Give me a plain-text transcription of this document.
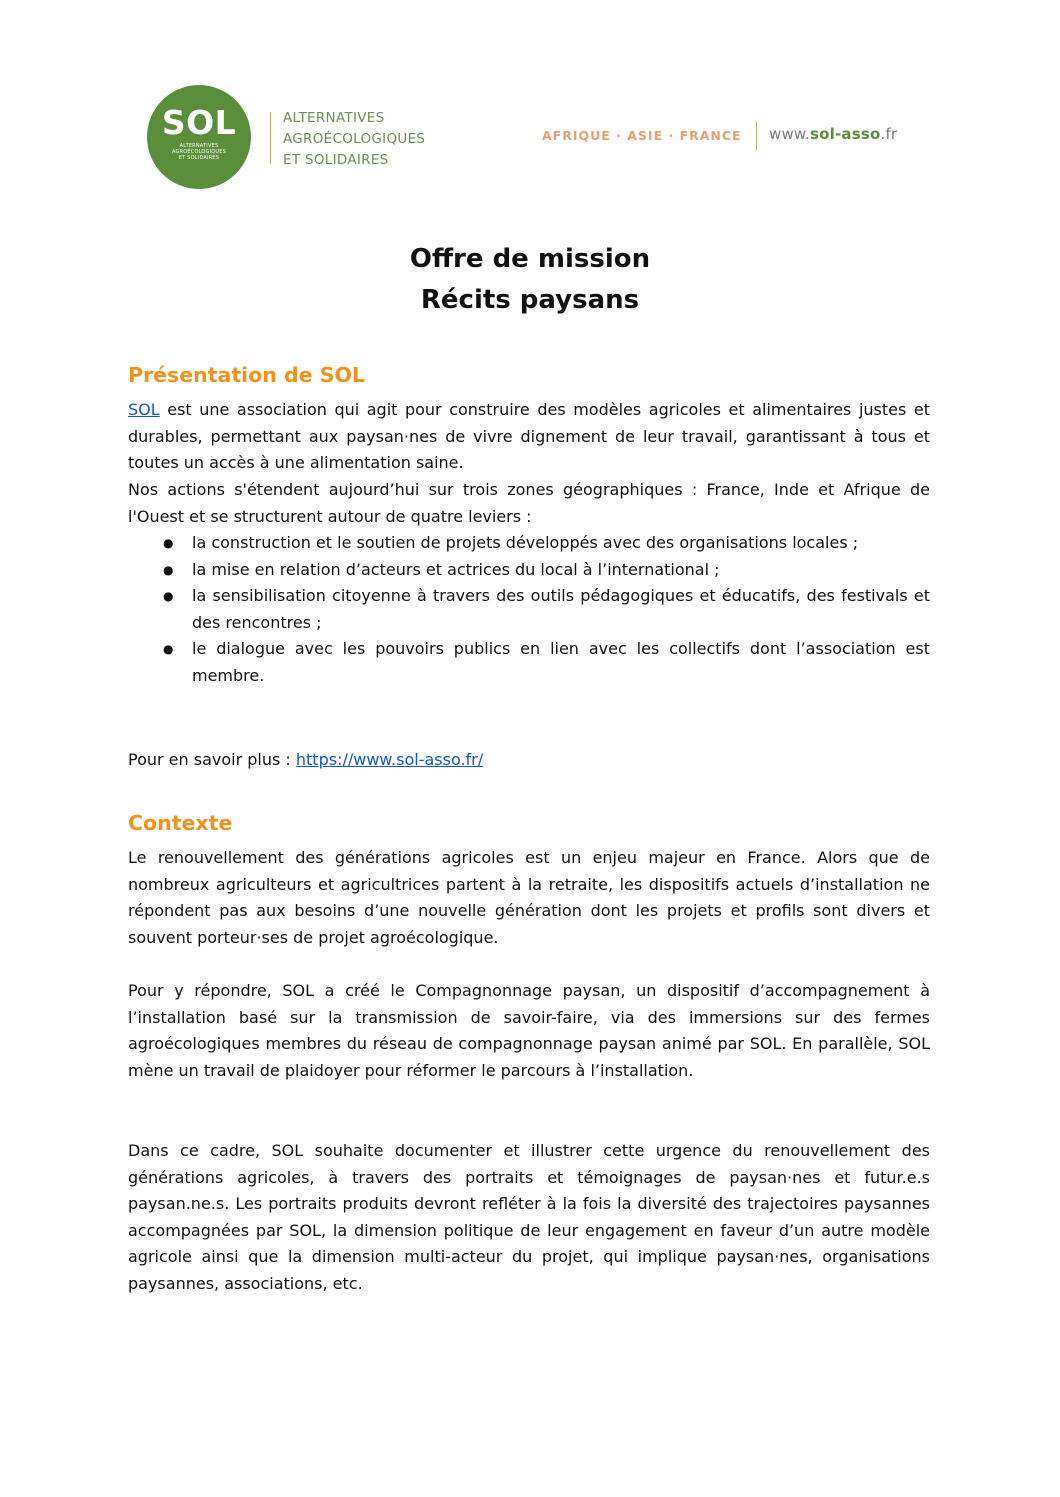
SOL
ALTERNATIVES
AGROÉCOLOGIQUES
ET SOLIDAIRES
ALTERNATIVES
AGROÉCOLOGIQUES
ET SOLIDAIRES
AFRIQUE · ASIE · FRANCE www.sol-asso.fr
Offre de mission
Récits paysans
Présentation de SOL
SOL est une association qui agit pour construire des modèles agricoles et alimentaires justes et durables, permettant aux paysan·nes de vivre dignement de leur travail, garantissant à tous et toutes un accès à une alimentation saine.
Nos actions s'étendent aujourd’hui sur trois zones géographiques : France, Inde et Afrique de l'Ouest et se structurent autour de quatre leviers :
● la construction et le soutien de projets développés avec des organisations locales ;
● la mise en relation d’acteurs et actrices du local à l’international ;
● la sensibilisation citoyenne à travers des outils pédagogiques et éducatifs, des festivals et des rencontres ;
● le dialogue avec les pouvoirs publics en lien avec les collectifs dont l’association est membre.
Pour en savoir plus : https://www.sol-asso.fr/
Contexte
Le renouvellement des générations agricoles est un enjeu majeur en France. Alors que de nombreux agriculteurs et agricultrices partent à la retraite, les dispositifs actuels d’installation ne répondent pas aux besoins d’une nouvelle génération dont les projets et profils sont divers et souvent porteur·ses de projet agroécologique.
Pour y répondre, SOL a créé le Compagnonnage paysan, un dispositif d’accompagnement à l’installation basé sur la transmission de savoir-faire, via des immersions sur des fermes agroécologiques membres du réseau de compagnonnage paysan animé par SOL. En parallèle, SOL mène un travail de plaidoyer pour réformer le parcours à l’installation.
Dans ce cadre, SOL souhaite documenter et illustrer cette urgence du renouvellement des générations agricoles, à travers des portraits et témoignages de paysan·nes et futur.e.s paysan.ne.s. Les portraits produits devront refléter à la fois la diversité des trajectoires paysannes accompagnées par SOL, la dimension politique de leur engagement en faveur d’un autre modèle agricole ainsi que la dimension multi-acteur du projet, qui implique paysan·nes, organisations paysannes, associations, etc.
